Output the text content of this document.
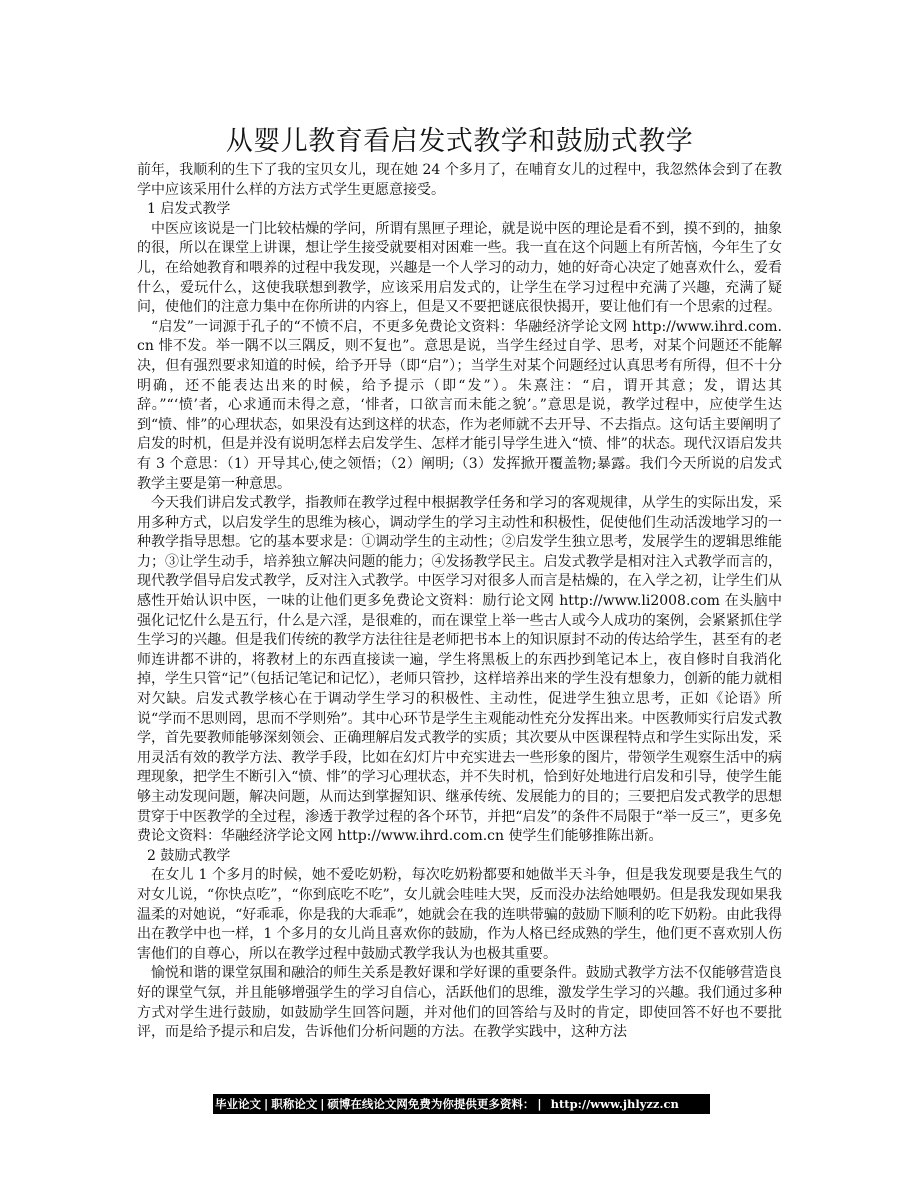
从婴儿教育看启发式教学和鼓励式教学

前年，我顺利的生下了我的宝贝女儿，现在她 24 个多月了，在哺育女儿的过程中，我忽然体会到了在教学中应该采用什么样的方法方式学生更愿意接受。

1 启发式教学

中医应该说是一门比较枯燥的学问，所谓有黑匣子理论，就是说中医的理论是看不到，摸不到的，抽象的很，所以在课堂上讲课，想让学生接受就要相对困难一些。我一直在这个问题上有所苦恼，今年生了女儿，在给她教育和喂养的过程中我发现，兴趣是一个人学习的动力，她的好奇心决定了她喜欢什么，爱看什么，爱玩什么，这使我联想到教学，应该采用启发式的，让学生在学习过程中充满了兴趣，充满了疑问，使他们的注意力集中在你所讲的内容上，但是又不要把谜底很快揭开，要让他们有一个思索的过程。

“启发”一词源于孔子的“不愤不启，不更多免费论文资料：华融经济学论文网 http://www.ihrd.com.cn 悱不发。举一隅不以三隅反，则不复也”。意思是说，当学生经过自学、思考，对某个问题还不能解决，但有强烈要求知道的时候，给予开导（即“启”）；当学生对某个问题经过认真思考有所得，但不十分明确，还不能表达出来的时候，给予提示（即“发”）。朱熹注：“启，谓开其意；发，谓达其辞。”“‘愤’者，心求通而未得之意，‘悱者，口欲言而未能之貌’。”意思是说，教学过程中，应使学生达到“愤、悱”的心理状态，如果没有达到这样的状态，作为老师就不去开导、不去指点。这句话主要阐明了启发的时机，但是并没有说明怎样去启发学生、怎样才能引导学生进入“愤、悱”的状态。现代汉语启发共有 3 个意思：（1）开导其心,使之领悟；（2）阐明;（3）发挥掀开覆盖物;暴露。我们今天所说的启发式教学主要是第一种意思。

今天我们讲启发式教学，指教师在教学过程中根据教学任务和学习的客观规律，从学生的实际出发，采用多种方式，以启发学生的思维为核心，调动学生的学习主动性和积极性，促使他们生动活泼地学习的一种教学指导思想。它的基本要求是：①调动学生的主动性；②启发学生独立思考，发展学生的逻辑思维能力；③让学生动手，培养独立解决问题的能力；④发扬教学民主。启发式教学是相对注入式教学而言的，现代教学倡导启发式教学，反对注入式教学。中医学习对很多人而言是枯燥的，在入学之初，让学生们从感性开始认识中医，一味的让他们更多免费论文资料：励行论文网 http://www.li2008.com 在头脑中强化记忆什么是五行，什么是六淫，是很难的，而在课堂上举一些古人或今人成功的案例，会紧紧抓住学生学习的兴趣。但是我们传统的教学方法往往是老师把书本上的知识原封不动的传达给学生，甚至有的老师连讲都不讲的，将教材上的东西直接读一遍，学生将黑板上的东西抄到笔记本上，夜自修时自我消化掉，学生只管“记”（包括记笔记和记忆），老师只管抄，这样培养出来的学生没有想象力，创新的能力就相对欠缺。启发式教学核心在于调动学生学习的积极性、主动性，促进学生独立思考，正如《论语》所说“学而不思则罔，思而不学则殆”。其中心环节是学生主观能动性充分发挥出来。中医教师实行启发式教学，首先要教师能够深刻领会、正确理解启发式教学的实质；其次要从中医课程特点和学生实际出发，采用灵活有效的教学方法、教学手段，比如在幻灯片中充实进去一些形象的图片，带领学生观察生活中的病理现象，把学生不断引入“愤、悱”的学习心理状态，并不失时机，恰到好处地进行启发和引导，使学生能够主动发现问题，解决问题，从而达到掌握知识、继承传统、发展能力的目的；三要把启发式教学的思想贯穿于中医教学的全过程，渗透于教学过程的各个环节，并把“启发”的条件不局限于“举一反三”，更多免费论文资料：华融经济学论文网 http://www.ihrd.com.cn 使学生们能够推陈出新。

2 鼓励式教学

在女儿 1 个多月的时候，她不爱吃奶粉，每次吃奶粉都要和她做半天斗争，但是我发现要是我生气的对女儿说，“你快点吃”，“你到底吃不吃”，女儿就会哇哇大哭，反而没办法给她喂奶。但是我发现如果我温柔的对她说，“好乖乖，你是我的大乖乖”，她就会在我的连哄带骗的鼓励下顺利的吃下奶粉。由此我得出在教学中也一样，1 个多月的女儿尚且喜欢你的鼓励，作为人格已经成熟的学生，他们更不喜欢别人伤害他们的自尊心，所以在教学过程中鼓励式教学我认为也极其重要。

愉悦和谐的课堂氛围和融洽的师生关系是教好课和学好课的重要条件。鼓励式教学方法不仅能够营造良好的课堂气氛，并且能够增强学生的学习自信心，活跃他们的思维，激发学生学习的兴趣。我们通过多种方式对学生进行鼓励，如鼓励学生回答问题，并对他们的回答给与及时的肯定，即使回答不好也不要批评，而是给予提示和启发，告诉他们分析问题的方法。在教学实践中，这种方法

毕业论文 | 职称论文 | 硕博在线论文网免费为你提供更多资料： | http://www.jhlyzz.cn
